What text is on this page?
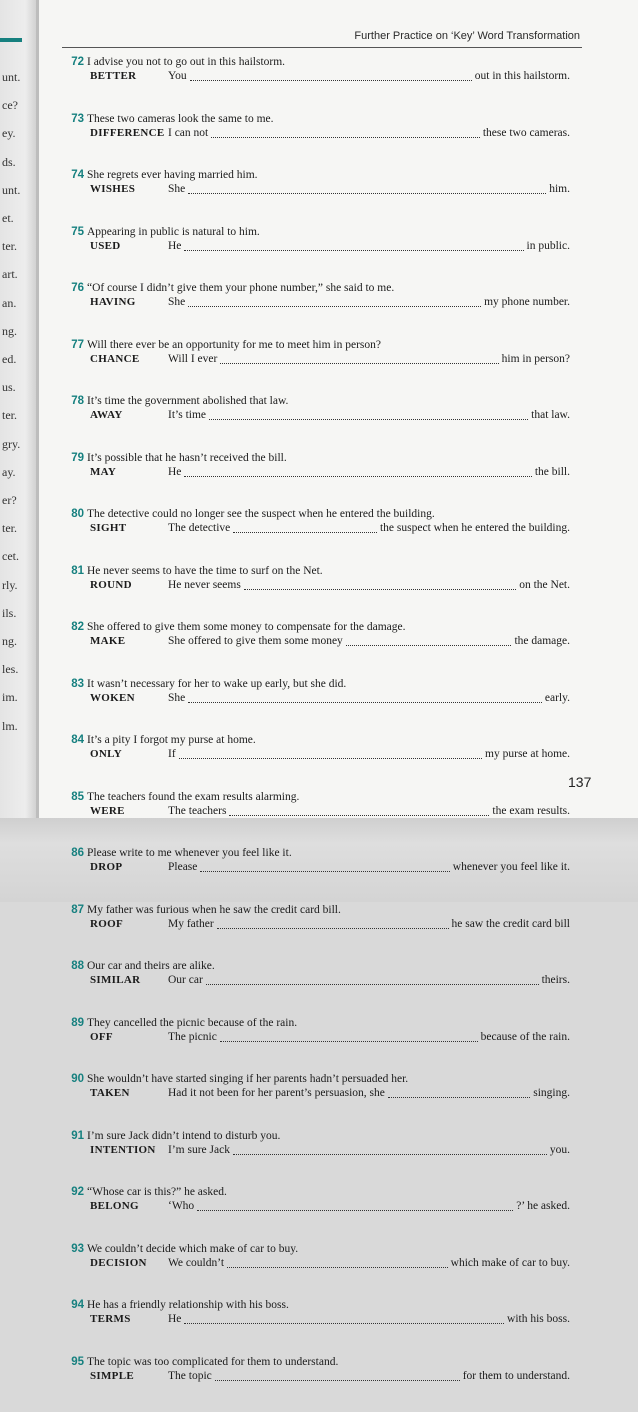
unt.
ce?
ey.
ds.
unt.
et.
ter.
art.
an.
ng.
ed.
us.
ter.
gry.
ay.
er?
ter.
cet.
rly.
ils.
ng.
les.
im.
lm.
Further Practice on ‘Key’ Word Transformation
72 I advise you not to go out in this hailstorm.
BETTER	You	out in this hailstorm.
73 These two cameras look the same to me.
DIFFERENCE I can not	these two cameras.
74 She regrets ever having married him.
WISHES	She	him.
75 Appearing in public is natural to him.
USED	He	in public.
76 “Of course I didn’t give them your phone number,” she said to me.
HAVING	She	my phone number.
77 Will there ever be an opportunity for me to meet him in person?
CHANCE Will I ever	him in person?
78 It’s time the government abolished that law.
AWAY	It’s time	that law.
79 It’s possible that he hasn’t received the bill.
MAY	He	the bill.
80 The detective could no longer see the suspect when he entered the building.
SIGHT	The detective	the suspect when he entered the building.
81 He never seems to have the time to surf on the Net.
ROUND	He never seems	on the Net.
82 She offered to give them some money to compensate for the damage.
MAKE	She offered to give them some money	the damage.
83 It wasn’t necessary for her to wake up early, but she did.
WOKEN	She	early.
84 It’s a pity I forgot my purse at home.
ONLY	If	my purse at home.
85 The teachers found the exam results alarming.
WERE	The teachers	the exam results.
86 Please write to me whenever you feel like it.
DROP	Please	whenever you feel like it.
87 My father was furious when he saw the credit card bill.
ROOF	My father	he saw the credit card bill
88 Our car and theirs are alike.
SIMILAR Our car	theirs.
89 They cancelled the picnic because of the rain.
OFF	The picnic	because of the rain.
90 She wouldn’t have started singing if her parents hadn’t persuaded her.
TAKEN	Had it not been for her parent’s persuasion, she	singing.
91 I’m sure Jack didn’t intend to disturb you.
INTENTION I’m sure Jack	you.
92 “Whose car is this?” he asked.
BELONG	‘Who	?’ he asked.
93 We couldn’t decide which make of car to buy.
DECISION We couldn’t	which make of car to buy.
94 He has a friendly relationship with his boss.
TERMS	He	with his boss.
95 The topic was too complicated for them to understand.
SIMPLE	The topic	for them to understand.
137
